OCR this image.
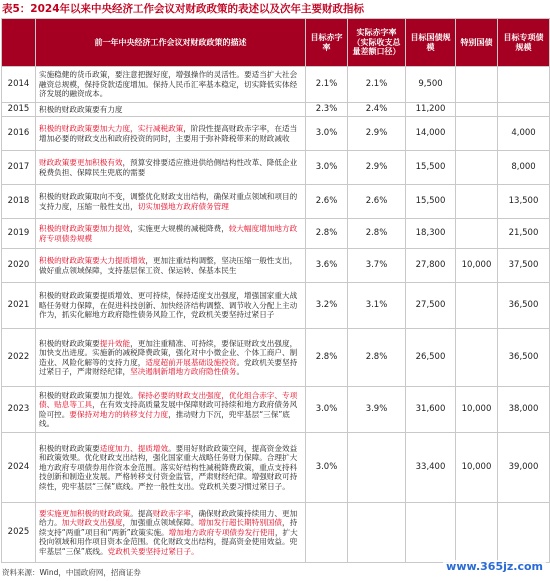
表5：2024年以来中央经济工作会议对财政政策的表述以及次年主要财政指标
	前一年中央经济工作会议对财政政策的描述	目标赤字率	实际赤字率（实际收支总量差额口径）	目标国债规模	特别国债	目标专项债规模
2014	实施稳健的货币政策，要注意把握好度，增强操作的灵活性。要适当扩大社会融资总规模，保持贷款适度增加。保持人民币汇率基本稳定，切实降低实体经济发展的融资成本。	2.1%	2.1%	9,500		
2015	积极的财政政策要有力度	2.3%	2.4%	11,200		
2016	积极的财政政策要加大力度，实行减税政策，阶段性提高财政赤字率，在适当增加必要的财政支出和政府投资的同时，主要用于弥补降税带来的财政减收	3.0%	2.9%	14,000		4,000
2017	财政政策要更加积极有效，预算安排要适应推进供给侧结构性改革、降低企业税费负担、保障民生兜底的需要	3.0%	2.9%	15,500		8,000
2018	积极的财政政策取向不变，调整优化财政支出结构，确保对重点领域和项目的支持力度，压缩一般性支出，切实加强地方政府债务管理	2.6%	2.6%	15,500		13,500
2019	积极的财政政策要加力提效，实施更大规模的减税降费，较大幅度增加地方政府专项债券规模	2.8%	2.8%	18,300		21,500
2020	积极的财政政策要大力提质增效，更加注重结构调整，坚决压缩一般性支出，做好重点领域保障，支持基层保工资、保运转、保基本民生	3.6%	3.7%	27,800	10,000	37,500
2021	积极的财政政策要提质增效、更可持续，保持适度支出强度，增强国家重大战略任务财力保障，在促进科技创新、加快经济结构调整、调节收入分配上主动作为，抓实化解地方政府隐性债务风险工作，党政机关要坚持过紧日子	3.2%	3.1%	27,500		36,500
2022	积极的财政政策要提升效能，更加注重精准、可持续，要保证财政支出强度，加快支出进度。实施新的减税降费政策，强化对中小微企业、个体工商户、制造业、风险化解等的支持力度，适度超前开展基础设施投资。党政机关要坚持过紧日子，严肃财经纪律，坚决遏制新增地方政府隐性债务。	2.8%	2.8%	26,500		36,500
2023	积极的财政政策要加力提效。保持必要的财政支出强度，优化组合赤字、专项债、贴息等工具，在有效支持高质量发展中保障财政可持续和地方政府债务风险可控。要保持对地方的转移支付力度，推动财力下沉，兜牢基层“三保”底线。	3.0%	3.9%	31,600	10,000	38,000
2024	积极的财政政策要适度加力、提质增效。要用好财政政策空间，提高资金效益和政策效果。优化财政支出结构，强化国家重大战略任务财力保障。合理扩大地方政府专项债券用作资本金范围。落实好结构性减税降费政策，重点支持科技创新和制造业发展。严格转移支付资金监管，严肃财经纪律。增强财政可持续性，兜牢基层“三保”底线。严控一般性支出。党政机关要习惯过紧日子。	3.0%		33,400	10,000	39,000
2025	要实施更加积极的财政政策。提高财政赤字率，确保财政政策持续用力、更加给力。加大财政支出强度，加强重点领域保障。增加发行超长期特别国债，持续支持“两重”项目和“两新”政策实施。增加地方政府专项债券发行使用，扩大投向领域和用作项目资本金范围。优化财政支出结构，提高资金使用效益。兜牢基层“三保”底线。党政机关要坚持过紧日子。					
资料来源：Wind，中国政府网，招商证券	www.365jz.com
